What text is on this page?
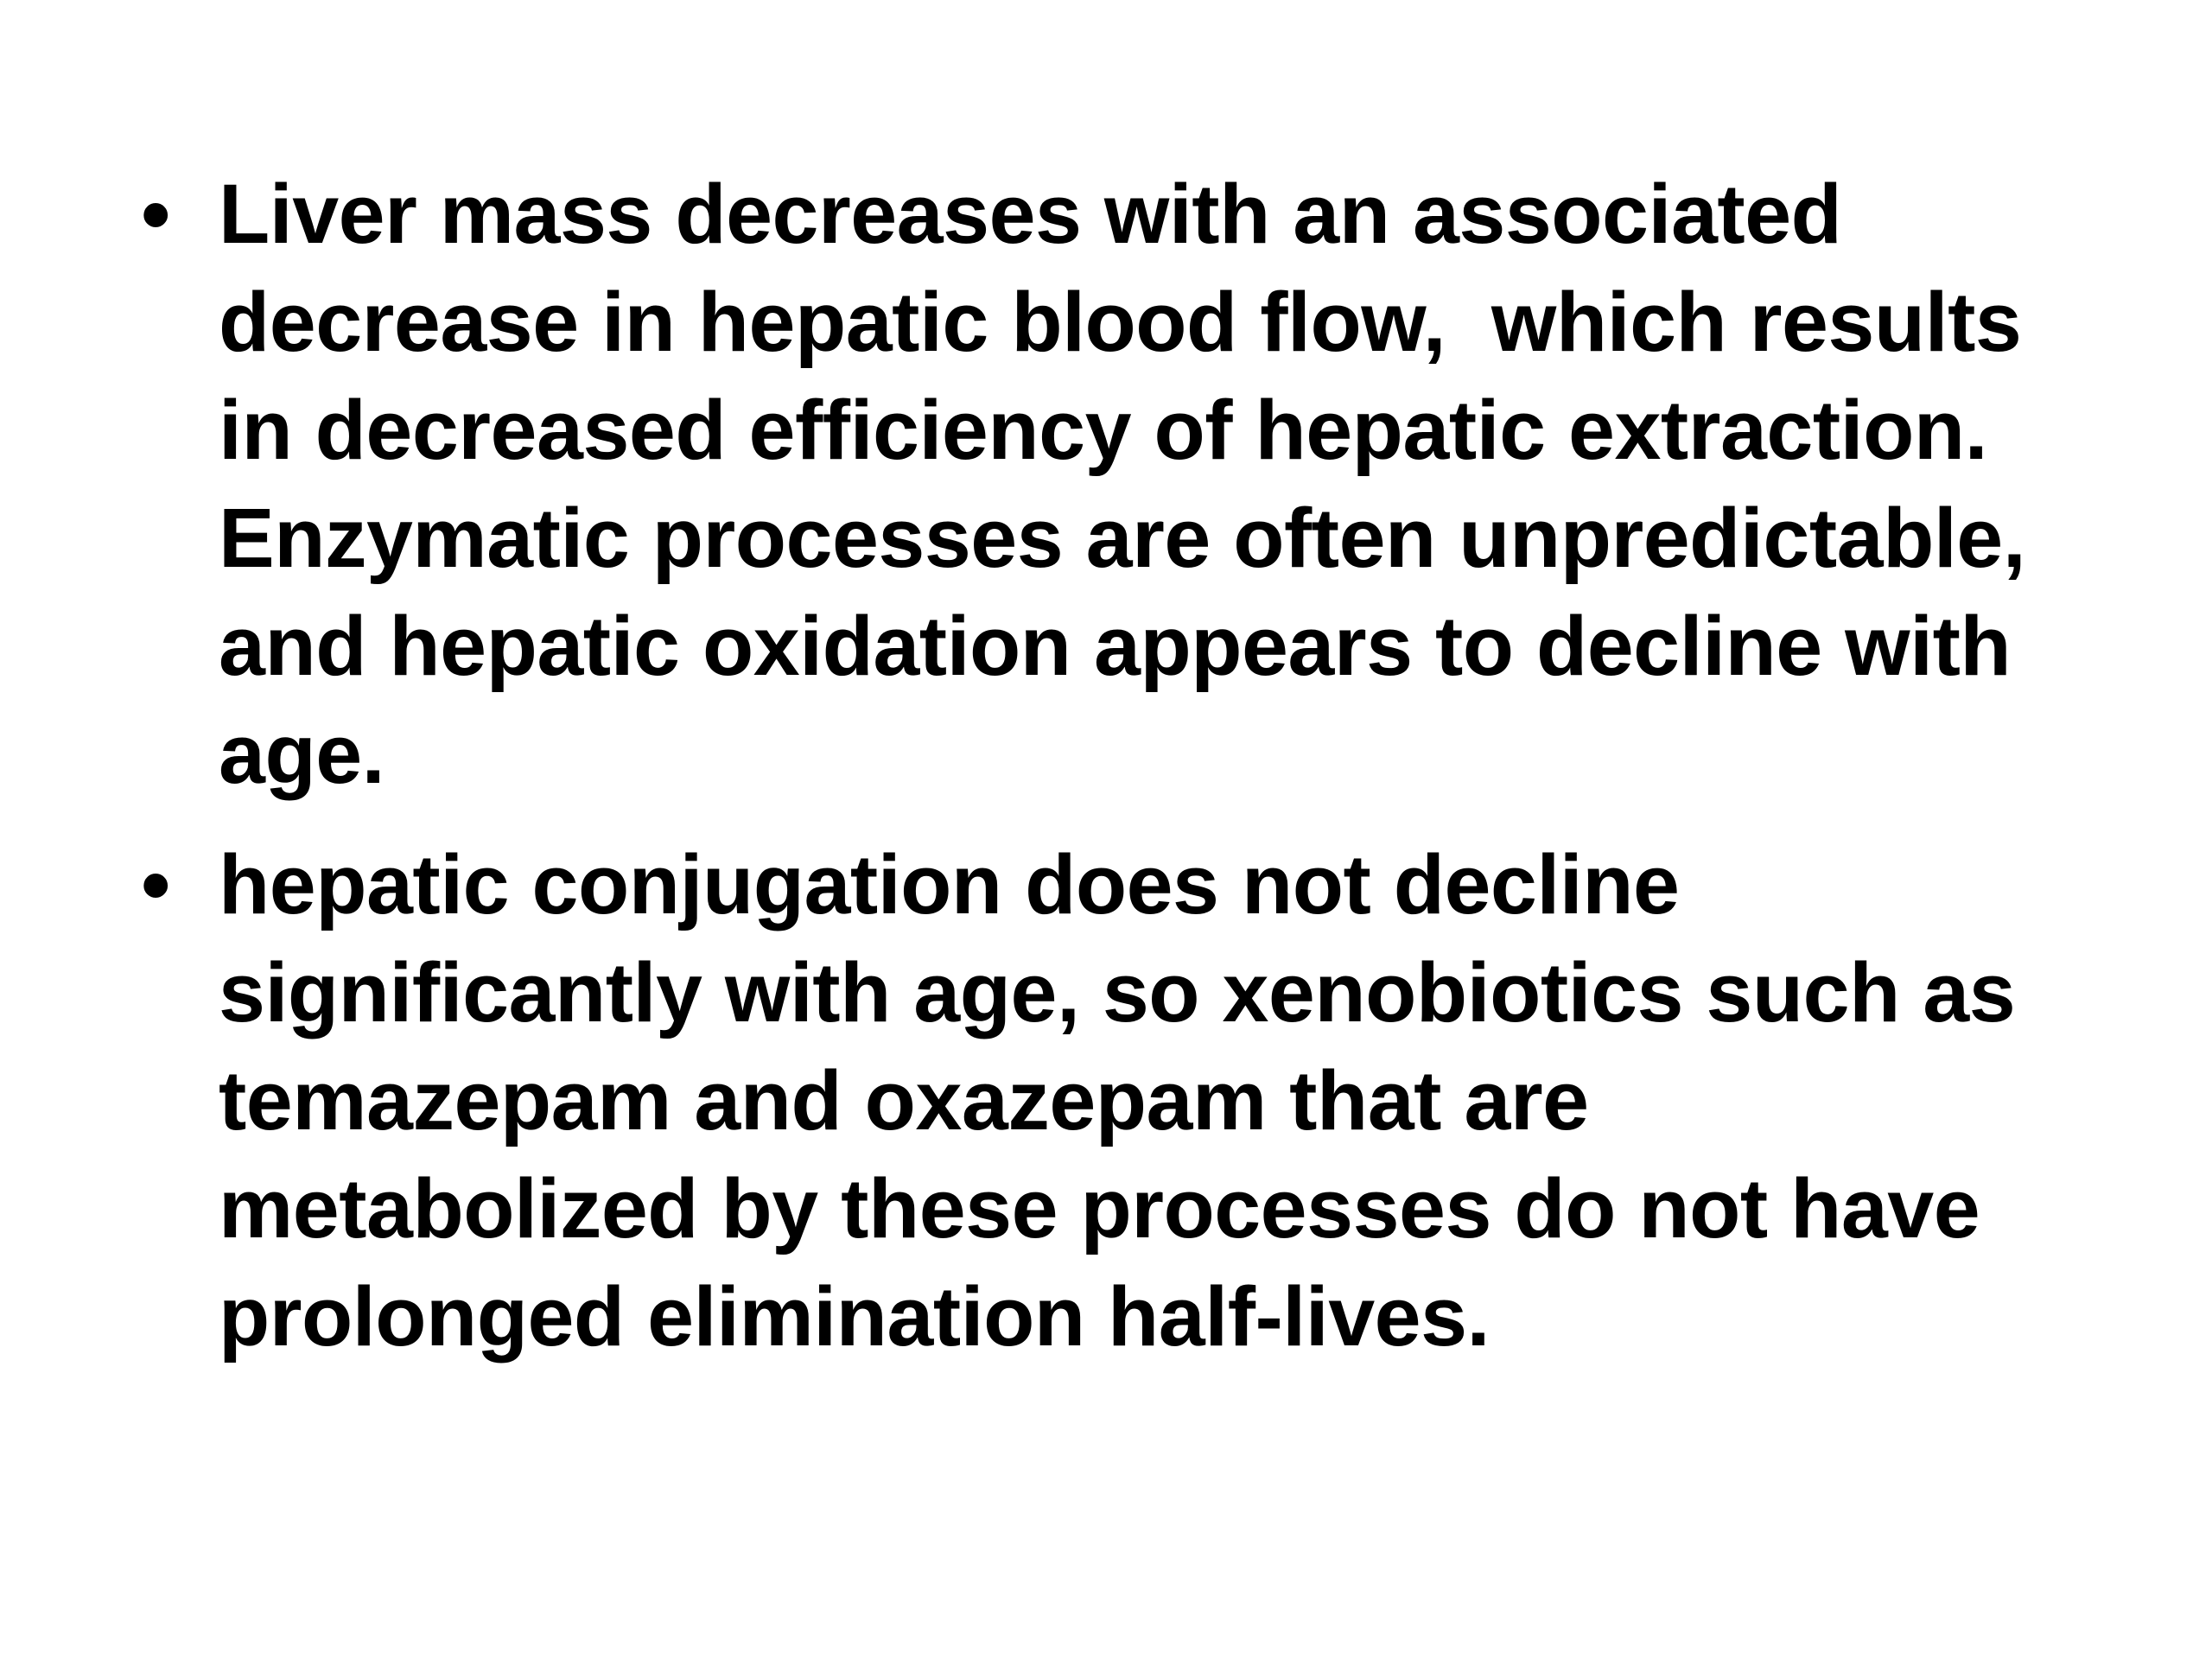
• Liver mass decreases with an associated
decrease in hepatic blood flow,  which results
in decreased efficiency of hepatic extraction.
Enzymatic processes are often unpredictable,
and hepatic oxidation appears to decline with
age.
• hepatic conjugation does not decline
significantly with age, so xenobiotics such as
temazepam and oxazepam that are
metabolized by these processes do not have
prolonged elimination half-lives.
